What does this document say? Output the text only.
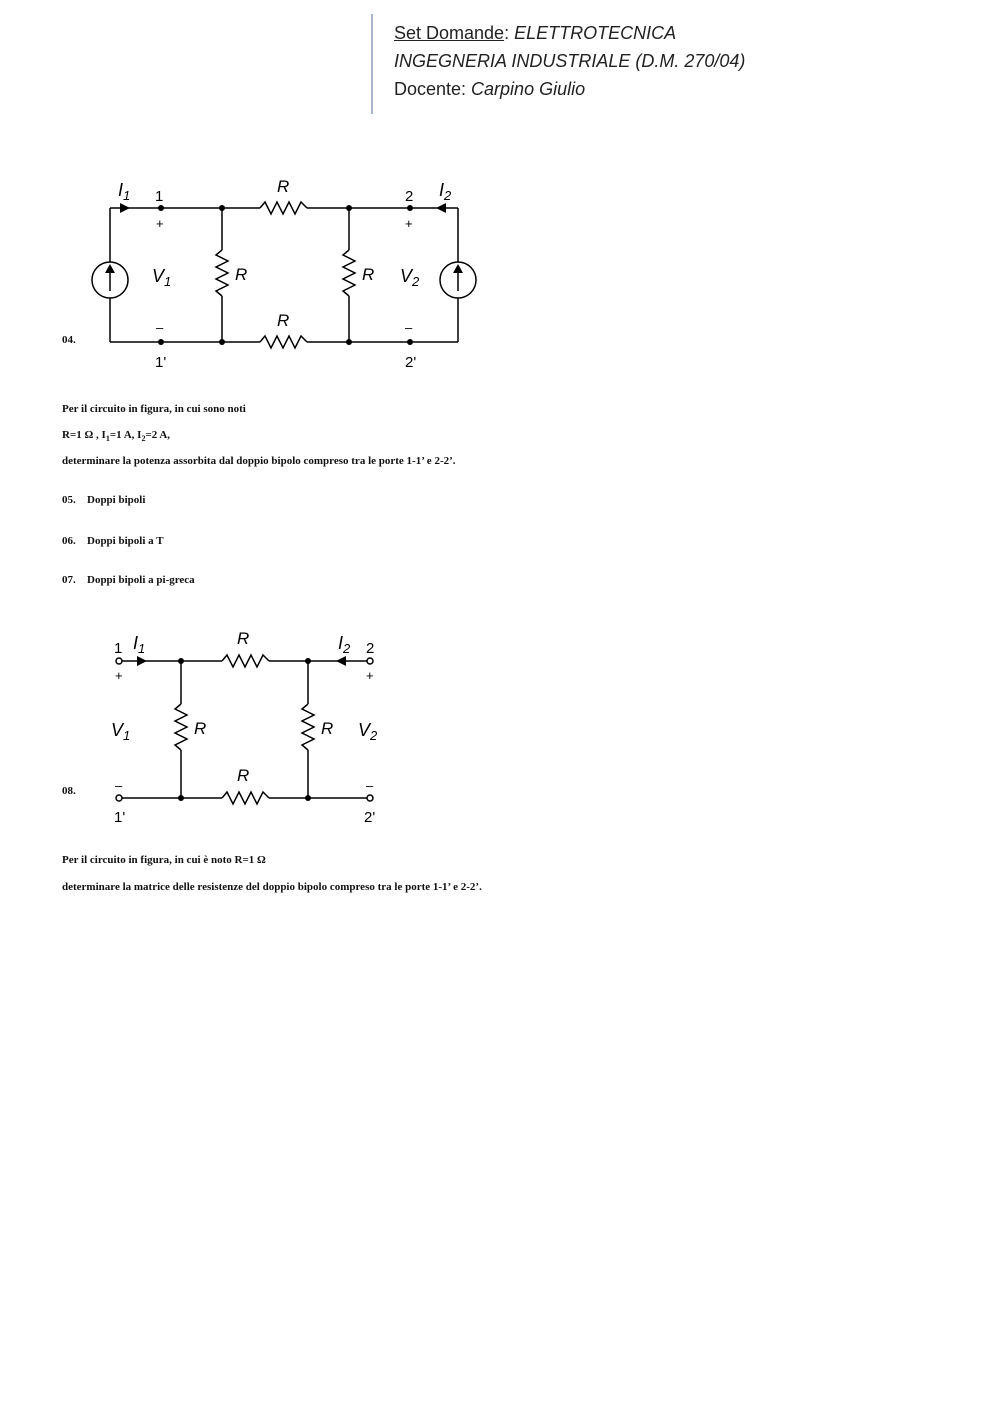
Set Domande: ELETTROTECNICA
INGEGNERIA INDUSTRIALE (D.M. 270/04)
Docente: Carpino Giulio
$I_1$ 1
R
2 $I_2$
+	+
$V_1$	R	R $V_2$
–	–
R
1'	2'
04.
Per il circuito in figura, in cui sono noti
R=1 Ω , $I_1=1$ A, $I_2=2$ A,
determinare la potenza assorbita dal doppio bipolo compreso tra le porte 1-1’ e 2-2’.
05. Doppi bipoli
06. Doppi bipoli a T
07. Doppi bipoli a pi-greca
1 $I_1$
R	$I_2$ 2
+	+
$V_1$	R	R $V_2$
R
–	–
1'	2'
08.
Per il circuito in figura, in cui è noto R=1 Ω
determinare la matrice delle resistenze del doppio bipolo compreso tra le porte 1-1’ e 2-2’.
